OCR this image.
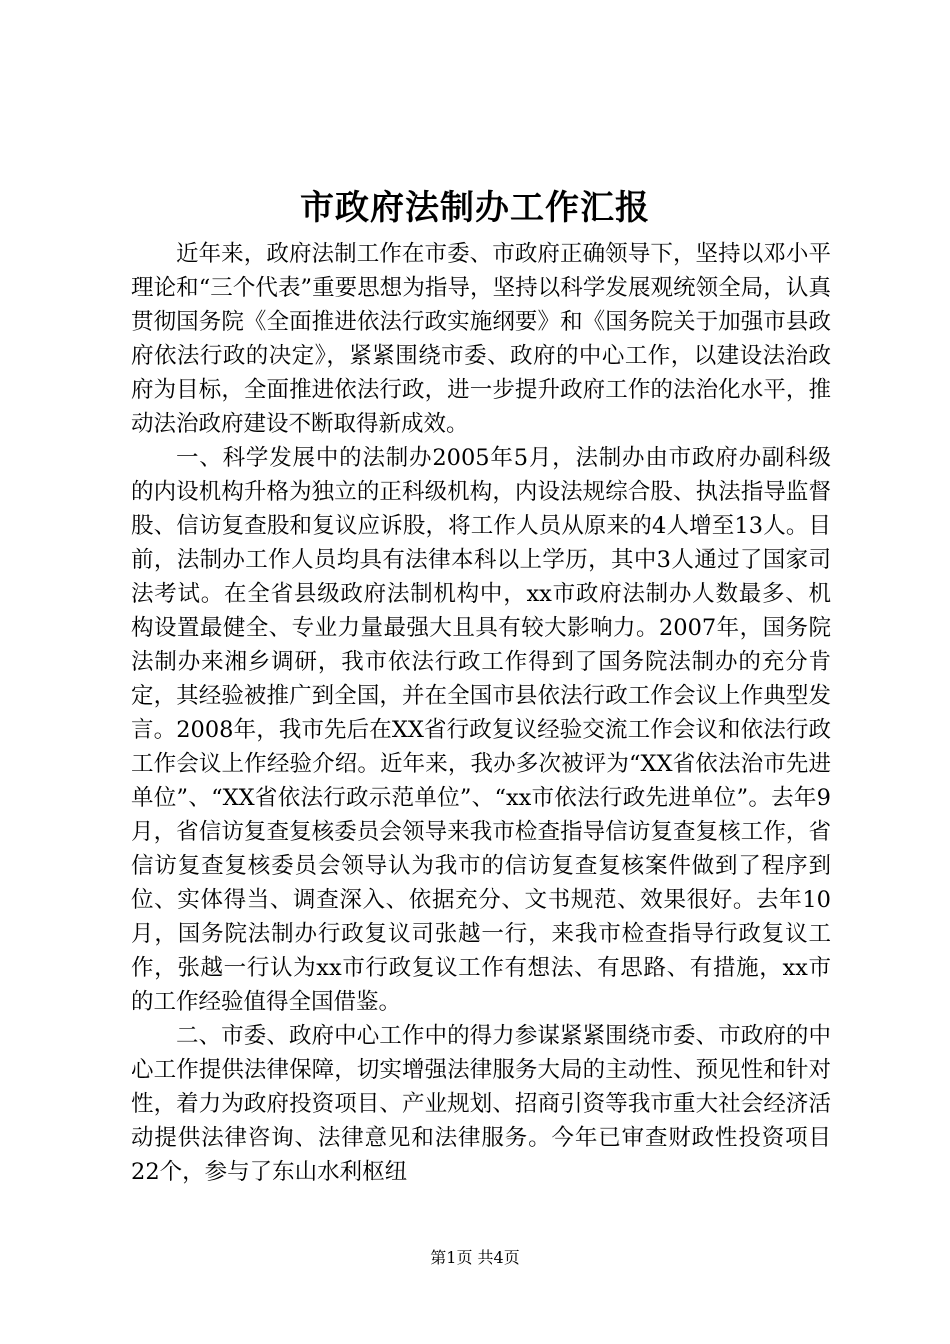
市政府法制办工作汇报

近年来，政府法制工作在市委、市政府正确领导下，坚持以邓小平理论和“三个代表”重要思想为指导，坚持以科学发展观统领全局，认真贯彻国务院《全面推进依法行政实施纲要》和《国务院关于加强市县政府依法行政的决定》，紧紧围绕市委、政府的中心工作，以建设法治政府为目标，全面推进依法行政，进一步提升政府工作的法治化水平，推动法治政府建设不断取得新成效。

一、科学发展中的法制办2005年5月，法制办由市政府办副科级的内设机构升格为独立的正科级机构，内设法规综合股、执法指导监督股、信访复查股和复议应诉股，将工作人员从原来的4人增至13人。目前，法制办工作人员均具有法律本科以上学历，其中3人通过了国家司法考试。在全省县级政府法制机构中，xx市政府法制办人数最多、机构设置最健全、专业力量最强大且具有较大影响力。2007年，国务院法制办来湘乡调研，我市依法行政工作得到了国务院法制办的充分肯定，其经验被推广到全国，并在全国市县依法行政工作会议上作典型发言。2008年，我市先后在XX省行政复议经验交流工作会议和依法行政工作会议上作经验介绍。近年来，我办多次被评为“XX省依法治市先进单位”、“XX省依法行政示范单位”、“xx市依法行政先进单位”。去年9月，省信访复查复核委员会领导来我市检查指导信访复查复核工作，省信访复查复核委员会领导认为我市的信访复查复核案件做到了程序到位、实体得当、调查深入、依据充分、文书规范、效果很好。去年10月，国务院法制办行政复议司张越一行，来我市检查指导行政复议工作，张越一行认为xx市行政复议工作有想法、有思路、有措施，xx市的工作经验值得全国借鉴。

二、市委、政府中心工作中的得力参谋紧紧围绕市委、市政府的中心工作提供法律保障，切实增强法律服务大局的主动性、预见性和针对性，着力为政府投资项目、产业规划、招商引资等我市重大社会经济活动提供法律咨询、法律意见和法律服务。今年已审查财政性投资项目22个，参与了东山水利枢纽

第1页 共4页
